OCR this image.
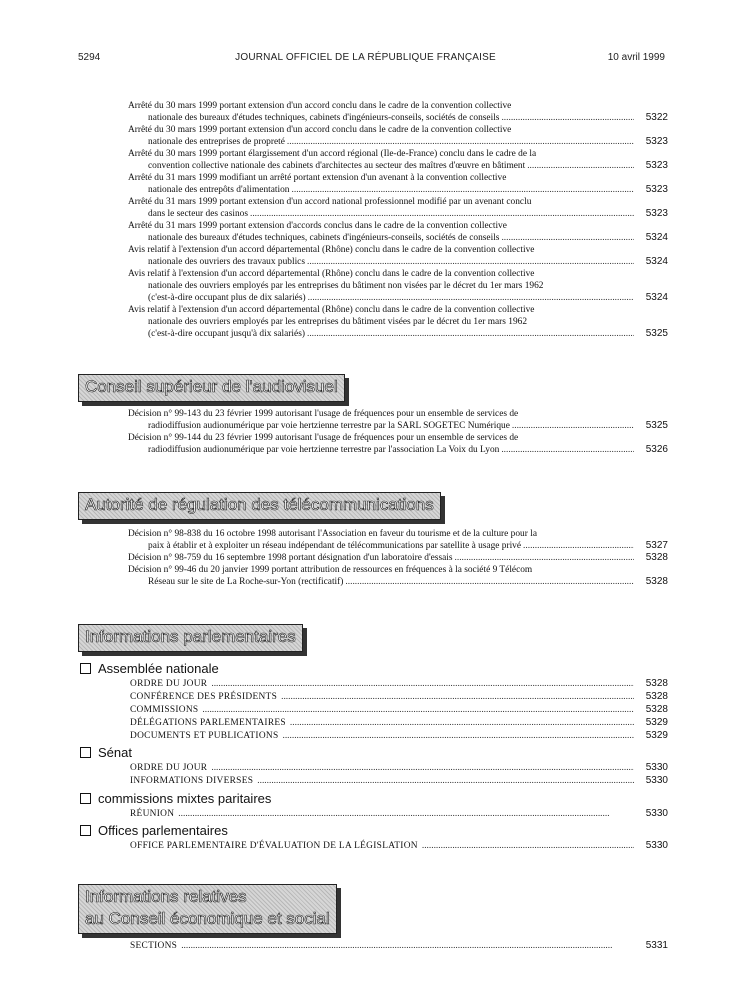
5294	JOURNAL OFFICIEL DE LA RÉPUBLIQUE FRANÇAISE	10 avril 1999
Arrêté du 30 mars 1999 portant extension d'un accord conclu dans le cadre de la convention collective
nationale des bureaux d'études techniques, cabinets d'ingénieurs-conseils, sociétés de conseils .....	5322
Arrêté du 30 mars 1999 portant extension d'un accord conclu dans le cadre de la convention collective
nationale des entreprises de propreté .....	5323
Arrêté du 30 mars 1999 portant élargissement d'un accord régional (Ile-de-France) conclu dans le cadre de la
convention collective nationale des cabinets d'architectes au secteur des maîtres d'œuvre en bâtiment .....	5323
Arrêté du 31 mars 1999 modifiant un arrêté portant extension d'un avenant à la convention collective
nationale des entrepôts d'alimentation .....	5323
Arrêté du 31 mars 1999 portant extension d'un accord national professionnel modifié par un avenant conclu
dans le secteur des casinos .....	5323
Arrêté du 31 mars 1999 portant extension d'accords conclus dans le cadre de la convention collective
nationale des bureaux d'études techniques, cabinets d'ingénieurs-conseils, sociétés de conseils .....	5324
Avis relatif à l'extension d'un accord départemental (Rhône) conclu dans le cadre de la convention collective
nationale des ouvriers des travaux publics .....	5324
Avis relatif à l'extension d'un accord départemental (Rhône) conclu dans le cadre de la convention collective
nationale des ouvriers employés par les entreprises du bâtiment non visées par le décret du 1er mars 1962
(c'est-à-dire occupant plus de dix salariés) .....	5324
Avis relatif à l'extension d'un accord départemental (Rhône) conclu dans le cadre de la convention collective
nationale des ouvriers employés par les entreprises du bâtiment visées par le décret du 1er mars 1962
(c'est-à-dire occupant jusqu'à dix salariés) .....	5325
Conseil supérieur de l'audiovisuel
Décision n° 99-143 du 23 février 1999 autorisant l'usage de fréquences pour un ensemble de services de
radiodiffusion audionumérique par voie hertzienne terrestre par la SARL SOGETEC Numérique .....	5325
Décision n° 99-144 du 23 février 1999 autorisant l'usage de fréquences pour un ensemble de services de
radiodiffusion audionumérique par voie hertzienne terrestre par l'association La Voix du Lyon .....	5326
Autorité de régulation des télécommunications
Décision n° 98-838 du 16 octobre 1998 autorisant l'Association en faveur du tourisme et de la culture pour la
paix à établir et à exploiter un réseau indépendant de télécommunications par satellite à usage privé .....	5327
Décision n° 98-759 du 16 septembre 1998 portant désignation d'un laboratoire d'essais .....	5328
Décision n° 99-46 du 20 janvier 1999 portant attribution de ressources en fréquences à la société 9 Télécom
Réseau sur le site de La Roche-sur-Yon (rectificatif) .....	5328
Informations parlementaires
Assemblée nationale
ORDRE DU JOUR .....	5328
CONFÉRENCE DES PRÉSIDENTS .....	5328
COMMISSIONS .....	5328
DÉLÉGATIONS PARLEMENTAIRES .....	5329
DOCUMENTS ET PUBLICATIONS .....	5329
Sénat
ORDRE DU JOUR .....	5330
INFORMATIONS DIVERSES .....	5330
commissions mixtes paritaires
RÉUNION .....	5330
Offices parlementaires
OFFICE PARLEMENTAIRE D'ÉVALUATION DE LA LÉGISLATION .....	5330
Informations relatives
au Conseil économique et social
SECTIONS .....	5331
